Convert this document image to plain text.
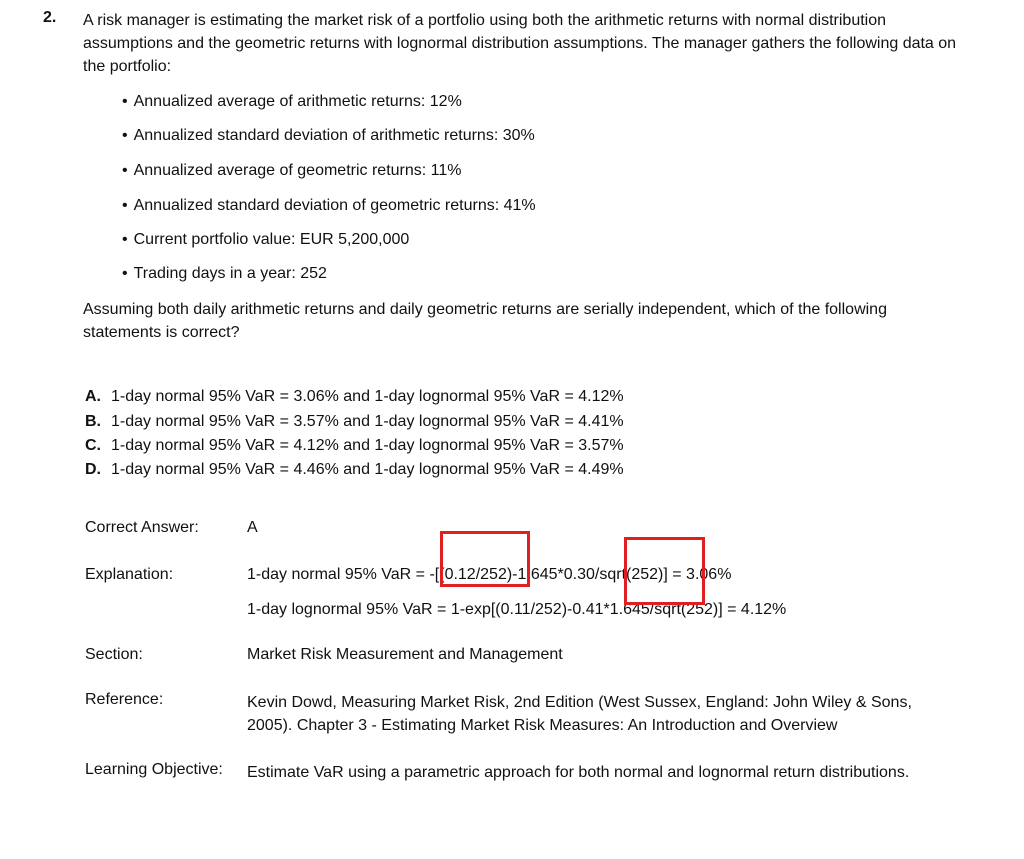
2. A risk manager is estimating the market risk of a portfolio using both the arithmetic returns with normal distribution assumptions and the geometric returns with lognormal distribution assumptions. The manager gathers the following data on the portfolio:
• Annualized average of arithmetic returns: 12%
• Annualized standard deviation of arithmetic returns: 30%
• Annualized average of geometric returns: 11%
• Annualized standard deviation of geometric returns: 41%
• Current portfolio value: EUR 5,200,000
• Trading days in a year: 252
Assuming both daily arithmetic returns and daily geometric returns are serially independent, which of the following statements is correct?
A. 1-day normal 95% VaR = 3.06% and 1-day lognormal 95% VaR = 4.12%
B. 1-day normal 95% VaR = 3.57% and 1-day lognormal 95% VaR = 4.41%
C. 1-day normal 95% VaR = 4.12% and 1-day lognormal 95% VaR = 3.57%
D. 1-day normal 95% VaR = 4.46% and 1-day lognormal 95% VaR = 4.49%
Correct Answer:	A
Explanation:	1-day normal 95% VaR = -[(0.12/252)-1.645*0.30/sqrt(252)] = 3.06%
1-day lognormal 95% VaR = 1-exp[(0.11/252)-0.41*1.645/sqrt(252)] = 4.12%
Section:	Market Risk Measurement and Management
Reference:	Kevin Dowd, Measuring Market Risk, 2nd Edition (West Sussex, England: John Wiley & Sons, 2005). Chapter 3 - Estimating Market Risk Measures: An Introduction and Overview
Learning Objective: Estimate VaR using a parametric approach for both normal and lognormal return distributions.
